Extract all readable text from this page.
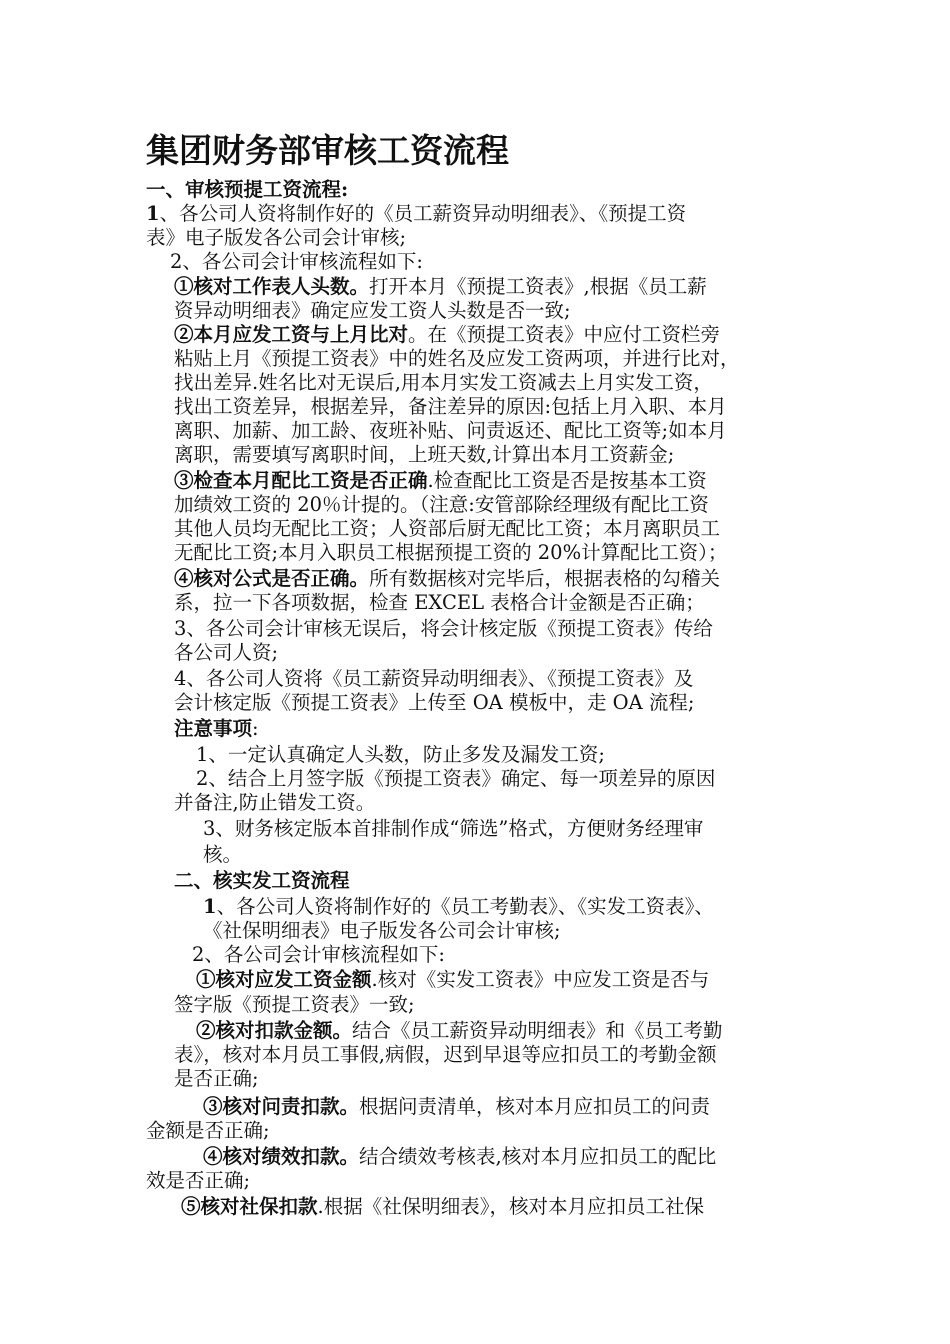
集团财务部审核工资流程
一、审核预提工资流程:
1、各公司人资将制作好的《员工薪资异动明细表》、《预提工资
表》电子版发各公司会计审核;
2、各公司会计审核流程如下:
①核对工作表人头数。打开本月《预提工资表》,根据《员工薪
资异动明细表》确定应发工资人头数是否一致;
②本月应发工资与上月比对。在《预提工资表》中应付工资栏旁
粘贴上月《预提工资表》中的姓名及应发工资两项，并进行比对，
找出差异.姓名比对无误后,用本月实发工资减去上月实发工资，
找出工资差异，根据差异，备注差异的原因:包括上月入职、本月
离职、加薪、加工龄、夜班补贴、问责返还、配比工资等;如本月
离职，需要填写离职时间，上班天数,计算出本月工资薪金;
③检查本月配比工资是否正确.检查配比工资是否是按基本工资
加绩效工资的 20％计提的。（注意:安管部除经理级有配比工资
其他人员均无配比工资；人资部后厨无配比工资；本月离职员工
无配比工资;本月入职员工根据预提工资的 20%计算配比工资）；
④核对公式是否正确。所有数据核对完毕后，根据表格的勾稽关
系，拉一下各项数据，检查 EXCEL 表格合计金额是否正确；
3、各公司会计审核无误后，将会计核定版《预提工资表》传给
各公司人资;
4、各公司人资将《员工薪资异动明细表》、《预提工资表》及
会计核定版《预提工资表》上传至 OA 模板中，走 OA 流程;
注意事项:
1、一定认真确定人头数，防止多发及漏发工资;
2、结合上月签字版《预提工资表》确定、每一项差异的原因
并备注,防止错发工资。
3、财务核定版本首排制作成“筛选”格式，方便财务经理审
核。
二、核实发工资流程
1、各公司人资将制作好的《员工考勤表》、《实发工资表》、
《社保明细表》电子版发各公司会计审核;
2、各公司会计审核流程如下:
①核对应发工资金额.核对《实发工资表》中应发工资是否与
签字版《预提工资表》一致;
②核对扣款金额。结合《员工薪资异动明细表》和《员工考勤
表》，核对本月员工事假,病假，迟到早退等应扣员工的考勤金额
是否正确;
③核对问责扣款。根据问责清单，核对本月应扣员工的问责
金额是否正确;
④核对绩效扣款。结合绩效考核表,核对本月应扣员工的配比
效是否正确;
⑤核对社保扣款.根据《社保明细表》，核对本月应扣员工社保
